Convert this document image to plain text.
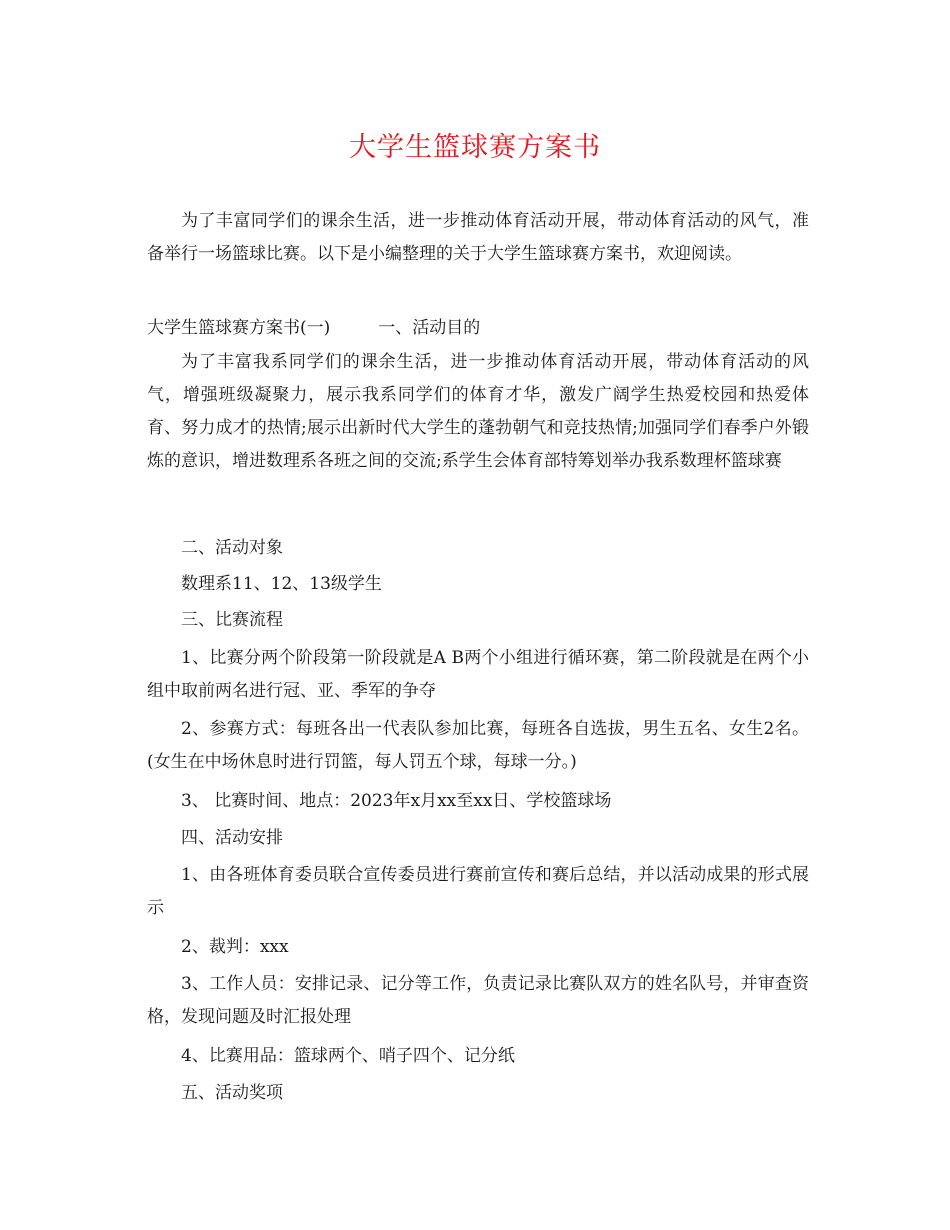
大学生篮球赛方案书

为了丰富同学们的课余生活，进一步推动体育活动开展，带动体育活动的风气，准备举行一场篮球比赛。以下是小编整理的关于大学生篮球赛方案书，欢迎阅读。

大学生篮球赛方案书(一)	一、活动目的

为了丰富我系同学们的课余生活，进一步推动体育活动开展，带动体育活动的风气，增强班级凝聚力，展示我系同学们的体育才华，激发广阔学生热爱校园和热爱体育、努力成才的热情;展示出新时代大学生的蓬勃朝气和竞技热情;加强同学们春季户外锻炼的意识，增进数理系各班之间的交流;系学生会体育部特筹划举办我系数理杯篮球赛

二、活动对象

数理系11、12、13级学生

三、比赛流程

1、比赛分两个阶段第一阶段就是A B两个小组进行循环赛，第二阶段就是在两个小组中取前两名进行冠、亚、季军的争夺

2、参赛方式：每班各出一代表队参加比赛，每班各自选拔，男生五名、女生2名。(女生在中场休息时进行罚篮，每人罚五个球，每球一分。)

3、 比赛时间、地点：2023年x月xx至xx日、学校篮球场

四、活动安排

1、由各班体育委员联合宣传委员进行赛前宣传和赛后总结，并以活动成果的形式展示

2、裁判：xxx

3、工作人员：安排记录、记分等工作，负责记录比赛队双方的姓名队号，并审查资格，发现问题及时汇报处理

4、比赛用品：篮球两个、哨子四个、记分纸

五、活动奖项
